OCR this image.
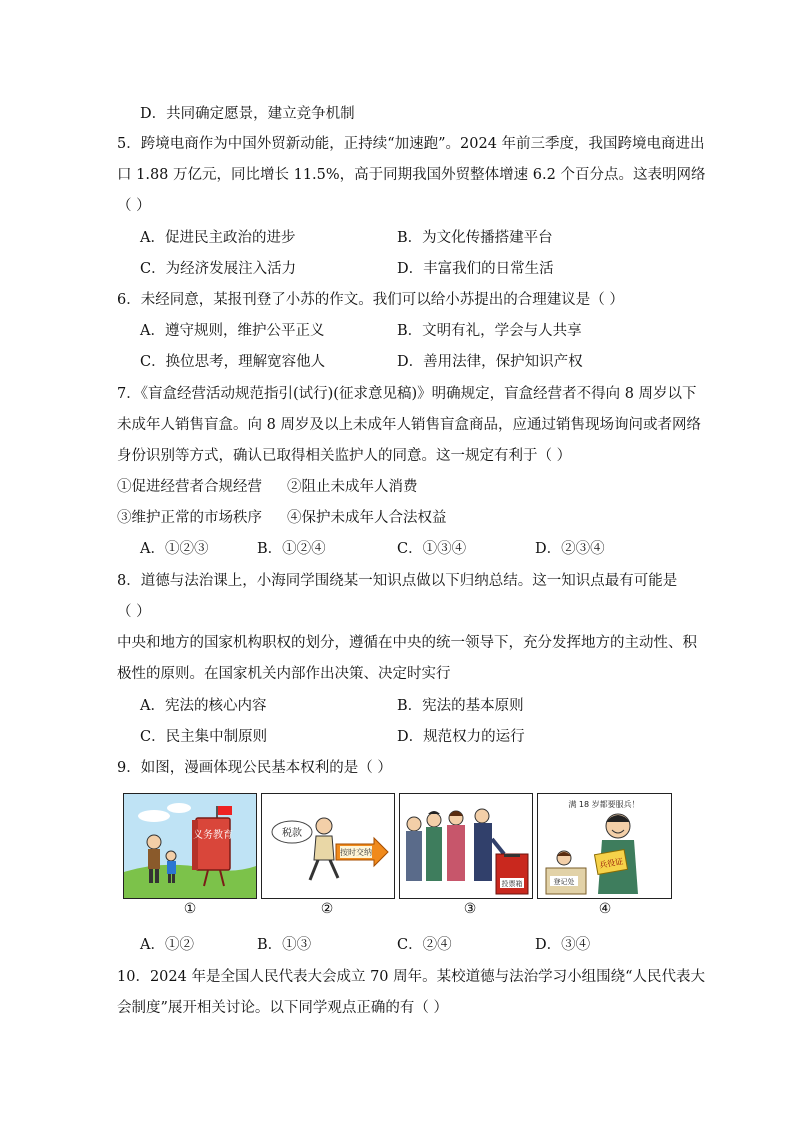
D．共同确定愿景，建立竞争机制
5．跨境电商作为中国外贸新动能，正持续“加速跑”。2024 年前三季度，我国跨境电商进出
口 1.88 万亿元，同比增长 11.5%，高于同期我国外贸整体增速 6.2 个百分点。这表明网络
（ ）
A．促进民主政治的进步	B．为文化传播搭建平台
C．为经济发展注入活力	D．丰富我们的日常生活
6．未经同意，某报刊登了小苏的作文。我们可以给小苏提出的合理建议是（ ）
A．遵守规则，维护公平正义	B．文明有礼，学会与人共享
C．换位思考，理解宽容他人	D．善用法律，保护知识产权
7．《盲盒经营活动规范指引(试行)(征求意见稿)》明确规定，盲盒经营者不得向 8 周岁以下
未成年人销售盲盒。向 8 周岁及以上未成年人销售盲盒商品，应通过销售现场询问或者网络
身份识别等方式，确认已取得相关监护人的同意。这一规定有利于（ ）
①促进经营者合规经营 ②阻止未成年人消费
③维护正常的市场秩序 ④保护未成年人合法权益
A．①②③	B．①②④	C．①③④	D．②③④
8．道德与法治课上，小海同学围绕某一知识点做以下归纳总结。这一知识点最有可能是
（ ）
中央和地方的国家机构职权的划分，遵循在中央的统一领导下，充分发挥地方的主动性、积
极性的原则。在国家机关内部作出决策、决定时实行
A．宪法的核心内容	B．宪法的基本原则
C．民主集中制原则	D．规范权力的运行
9．如图，漫画体现公民基本权利的是（ ）
义务教育	税款
按时交纳
投票箱
满 18 岁都要服兵！
兵役证
登记处
①	②	③	④
A．①②	B．①③	C．②④	D．③④
10．2024 年是全国人民代表大会成立 70 周年。某校道德与法治学习小组围绕“人民代表大
会制度”展开相关讨论。以下同学观点正确的有（ ）
